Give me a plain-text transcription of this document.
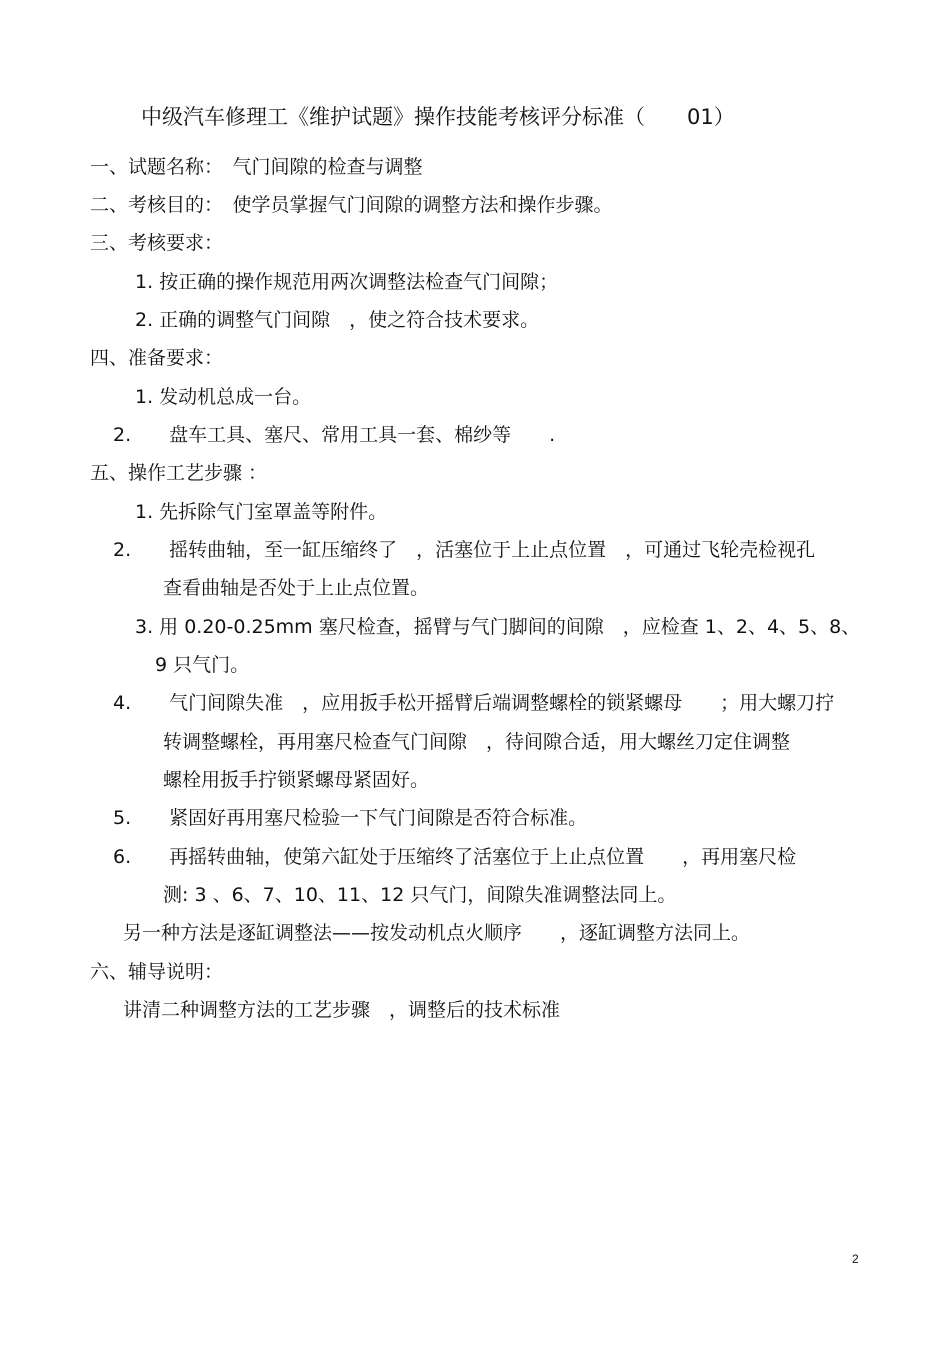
中级汽车修理工《维护试题》操作技能考核评分标准（　　01）
一、试题名称：　气门间隙的检查与调整
二、考核目的：　使学员掌握气门间隙的调整方法和操作步骤。
三、考核要求：
1. 按正确的操作规范用两次调整法检查气门间隙；
2. 正确的调整气门间隙　，使之符合技术要求。
四、准备要求：
1. 发动机总成一台。
2.　　盘车工具、塞尺、常用工具一套、棉纱等　　.
五、操作工艺步骤 ：
1. 先拆除气门室罩盖等附件。
2.　　摇转曲轴，至一缸压缩终了　，活塞位于上止点位置　，可通过飞轮壳检视孔
查看曲轴是否处于上止点位置。
3. 用 0.20-0.25mm 塞尺检查，摇臂与气门脚间的间隙　，应检查 1、2、4、5、8、
9 只气门。
4.　　气门间隙失准　，应用扳手松开摇臂后端调整螺栓的锁紧螺母　　；用大螺刀拧
转调整螺栓，再用塞尺检查气门间隙　，待间隙合适，用大螺丝刀定住调整
螺栓用扳手拧锁紧螺母紧固好。
5.　　紧固好再用塞尺检验一下气门间隙是否符合标准。
6.　　再摇转曲轴，使第六缸处于压缩终了活塞位于上止点位置　　，再用塞尺检
测: 3 、6、7、10、11、12 只气门，间隙失准调整法同上。
另一种方法是逐缸调整法——按发动机点火顺序　　，逐缸调整方法同上。
六、辅导说明：
讲清二种调整方法的工艺步骤　，调整后的技术标准
2
